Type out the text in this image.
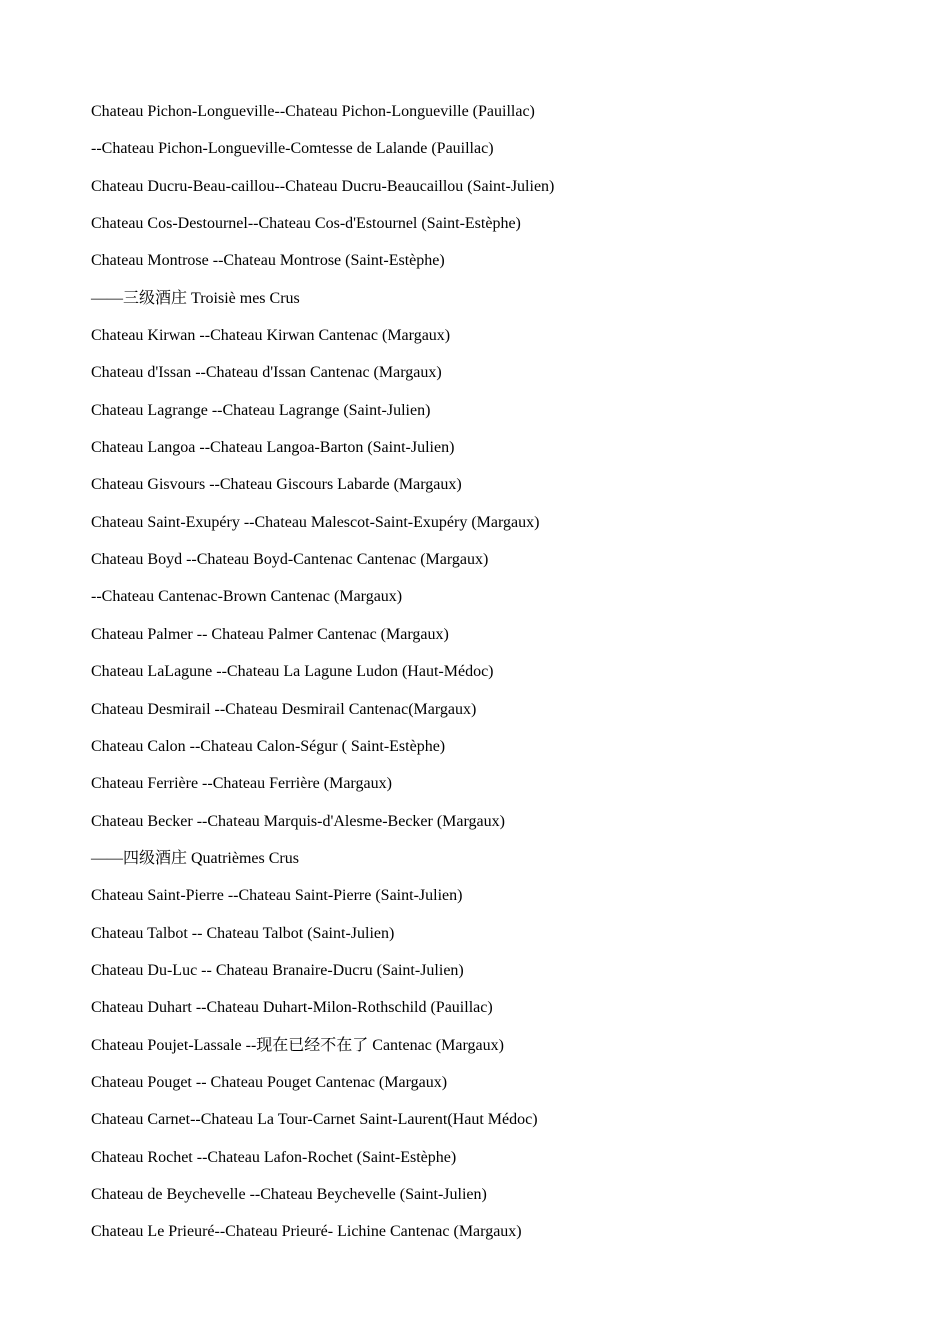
Chateau Pichon-Longueville--Chateau Pichon-Longueville (Pauillac)
--Chateau Pichon-Longueville-Comtesse de Lalande (Pauillac)
Chateau Ducru-Beau-caillou--Chateau Ducru-Beaucaillou (Saint-Julien)
Chateau Cos-Destournel--Chateau Cos-d'Estournel (Saint-Estèphe)
Chateau Montrose --Chateau Montrose (Saint-Estèphe)
——三级酒庄 Troisiè mes Crus
Chateau Kirwan --Chateau Kirwan Cantenac (Margaux)
Chateau d'Issan --Chateau d'Issan Cantenac (Margaux)
Chateau Lagrange --Chateau Lagrange (Saint-Julien)
Chateau Langoa --Chateau Langoa-Barton (Saint-Julien)
Chateau Gisvours --Chateau Giscours Labarde (Margaux)
Chateau Saint-Exupéry --Chateau Malescot-Saint-Exupéry (Margaux)
Chateau Boyd --Chateau Boyd-Cantenac Cantenac (Margaux)
--Chateau Cantenac-Brown Cantenac (Margaux)
Chateau Palmer -- Chateau Palmer Cantenac (Margaux)
Chateau LaLagune --Chateau La Lagune Ludon (Haut-Médoc)
Chateau Desmirail --Chateau Desmirail Cantenac(Margaux)
Chateau Calon --Chateau Calon-Ségur ( Saint-Estèphe)
Chateau Ferrière --Chateau Ferrière (Margaux)
Chateau Becker --Chateau Marquis-d'Alesme-Becker (Margaux)
——四级酒庄 Quatrièmes Crus
Chateau Saint-Pierre --Chateau Saint-Pierre (Saint-Julien)
Chateau Talbot -- Chateau Talbot (Saint-Julien)
Chateau Du-Luc -- Chateau Branaire-Ducru (Saint-Julien)
Chateau Duhart --Chateau Duhart-Milon-Rothschild (Pauillac)
Chateau Poujet-Lassale --现在已经不在了 Cantenac (Margaux)
Chateau Pouget -- Chateau Pouget Cantenac (Margaux)
Chateau Carnet--Chateau La Tour-Carnet Saint-Laurent(Haut Médoc)
Chateau Rochet --Chateau Lafon-Rochet (Saint-Estèphe)
Chateau de Beychevelle --Chateau Beychevelle (Saint-Julien)
Chateau Le Prieuré--Chateau Prieuré- Lichine Cantenac (Margaux)
